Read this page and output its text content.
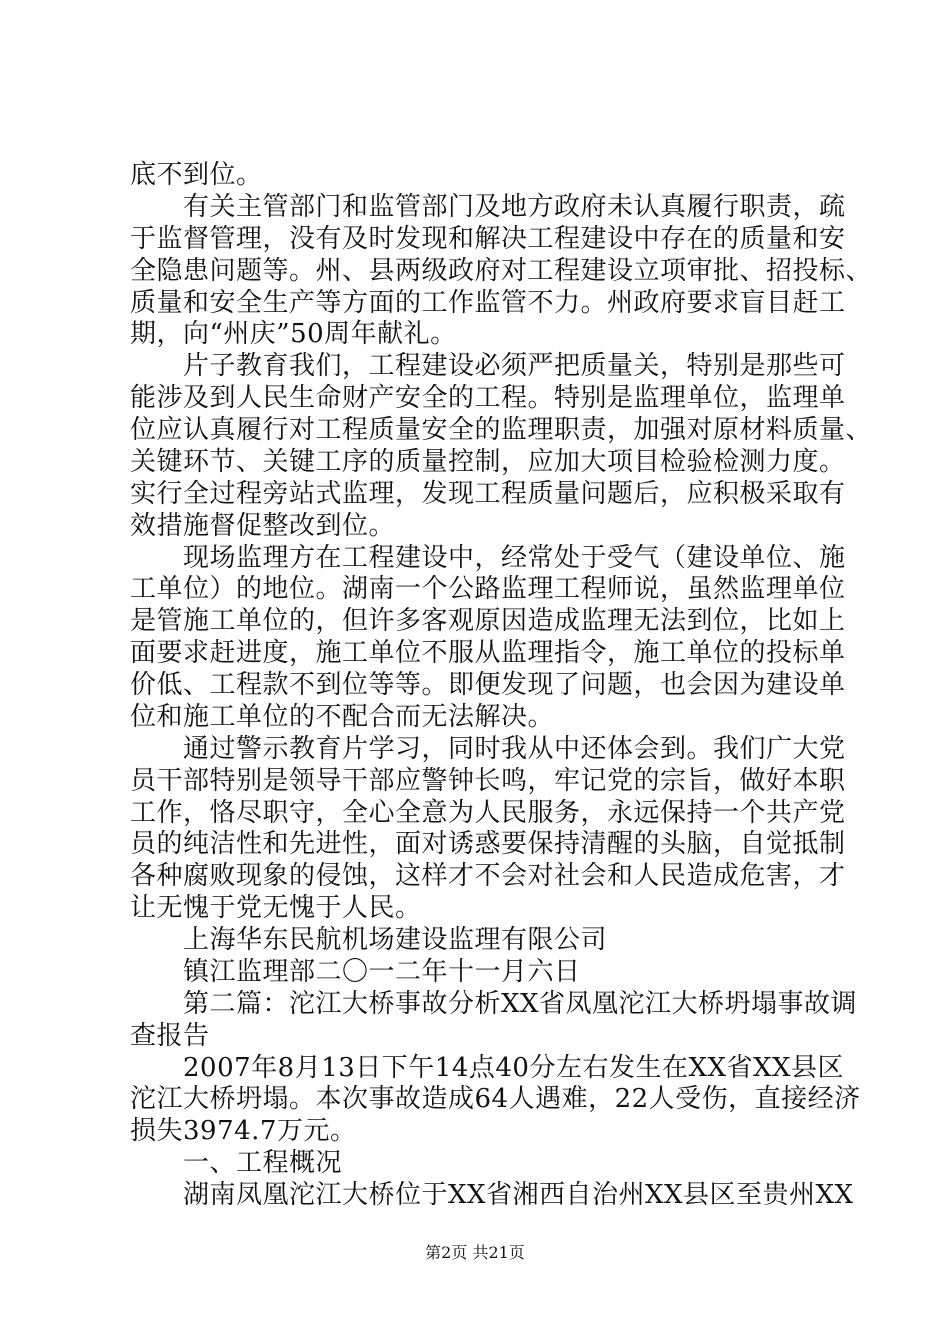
底不到位。
　　有关主管部门和监管部门及地方政府未认真履行职责，疏
于监督管理，没有及时发现和解决工程建设中存在的质量和安
全隐患问题等。州、县两级政府对工程建设立项审批、招投标、
质量和安全生产等方面的工作监管不力。州政府要求盲目赶工
期，向“州庆”50周年献礼。
　　片子教育我们，工程建设必须严把质量关，特别是那些可
能涉及到人民生命财产安全的工程。特别是监理单位，监理单
位应认真履行对工程质量安全的监理职责，加强对原材料质量、
关键环节、关键工序的质量控制，应加大项目检验检测力度。
实行全过程旁站式监理，发现工程质量问题后，应积极采取有
效措施督促整改到位。
　　现场监理方在工程建设中，经常处于受气（建设单位、施
工单位）的地位。湖南一个公路监理工程师说，虽然监理单位
是管施工单位的，但许多客观原因造成监理无法到位，比如上
面要求赶进度，施工单位不服从监理指令，施工单位的投标单
价低、工程款不到位等等。即便发现了问题，也会因为建设单
位和施工单位的不配合而无法解决。
　　通过警示教育片学习，同时我从中还体会到。我们广大党
员干部特别是领导干部应警钟长鸣，牢记党的宗旨，做好本职
工作，恪尽职守，全心全意为人民服务，永远保持一个共产党
员的纯洁性和先进性，面对诱惑要保持清醒的头脑，自觉抵制
各种腐败现象的侵蚀，这样才不会对社会和人民造成危害，才
让无愧于党无愧于人民。
　　上海华东民航机场建设监理有限公司
　　镇江监理部二〇一二年十一月六日
　　第二篇：沱江大桥事故分析XX省凤凰沱江大桥坍塌事故调
查报告
　　2007年8月13日下午14点40分左右发生在XX省XX县区
沱江大桥坍塌。本次事故造成64人遇难，22人受伤，直接经济
损失3974.7万元。
　　一、工程概况
　　湖南凤凰沱江大桥位于XX省湘西自治州XX县区至贵州XX
第2页 共21页
